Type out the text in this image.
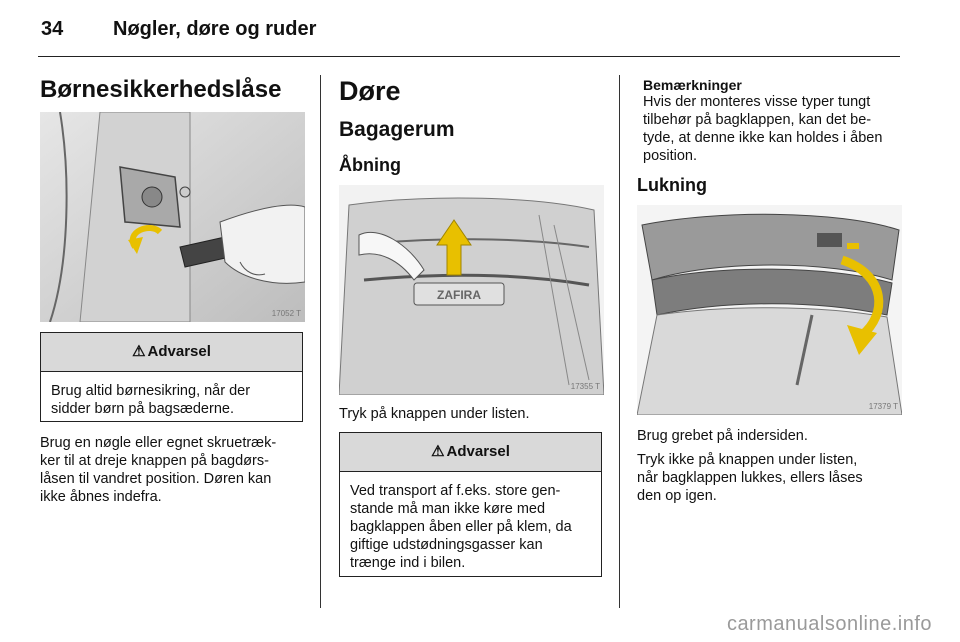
34 Nøgler, døre og ruder
Børnesikkerhedslåse
17052 T
⚠ Advarsel
Brug altid børnesikring, når der sidder børn på bagsæderne.
Brug en nøgle eller egnet skruetræk-
ker til at dreje knappen på bagdørs-
låsen til vandret position. Døren kan
ikke åbnes indefra.
Døre
Bagagerum
Åbning
ZAFIRA
17355 T
Tryk på knappen under listen.
⚠ Advarsel
Ved transport af f.eks. store gen-
stande må man ikke køre med
bagklappen åben eller på klem, da
giftige udstødningsgasser kan
trænge ind i bilen.
Bemærkninger
Hvis der monteres visse typer tungt
tilbehør på bagklappen, kan det be-
tyde, at denne ikke kan holdes i åben
position.
Lukning
17379 T
Brug grebet på indersiden.
Tryk ikke på knappen under listen,
når bagklappen lukkes, ellers låses
den op igen.
carmanualsonline.info
